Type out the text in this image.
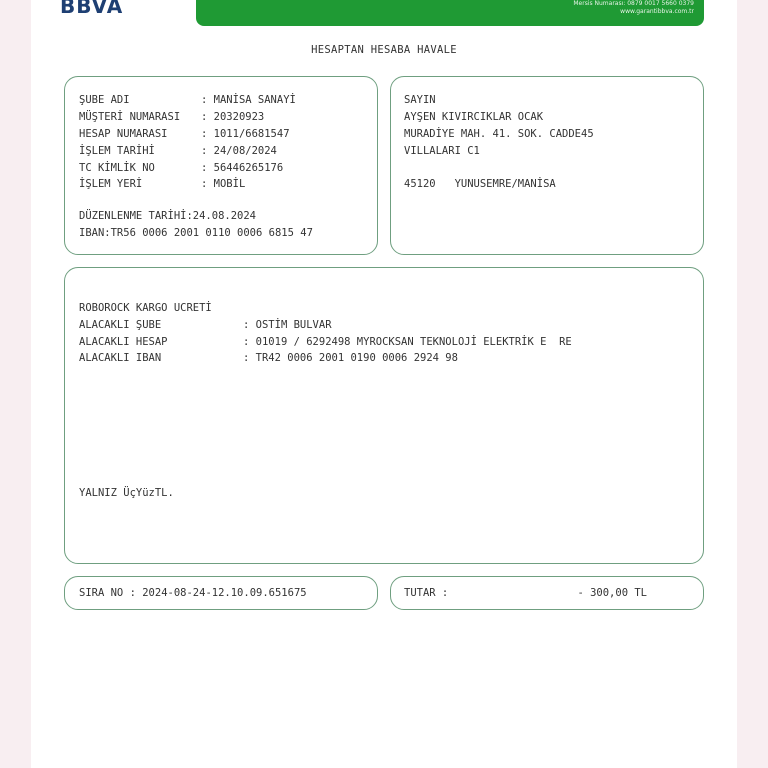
BBVA	Mersis Numarası: 0879 0017 5660 0379
www.garantibbva.com.tr
HESAPTAN HESABA HAVALE
ŞUBE ADI	: MANİSA SANAYİ
MÜŞTERİ NUMARASI : 20320923
HESAP NUMARASI	: 1011/6681547
İŞLEM TARİHİ	: 24/08/2024
TC KİMLİK NO	: 56446265176
İŞLEM YERİ	: MOBİL
DÜZENLENME TARİHİ:24.08.2024
IBAN:TR56 0006 2001 0110 0006 6815 47
SAYIN
AYŞEN KIVIRCIKLAR OCAK
MURADİYE MAH. 41. SOK. CADDE45
VILLALARI C1
45120   YUNUSEMRE/MANİSA
ROBOROCK KARGO UCRETİ
ALACAKLI ŞUBE	: OSTİM BULVAR
ALACAKLI HESAP	: 01019 / 6292498 MYROCKSAN TEKNOLOJİ ELEKTRİK E  RE
ALACAKLI IBAN	: TR42 0006 2001 0190 0006 2924 98
YALNIZ ÜçYüzTL.
SIRA NO : 2024-08-24-12.10.09.651675	TUTAR :	- 300,00 TL
